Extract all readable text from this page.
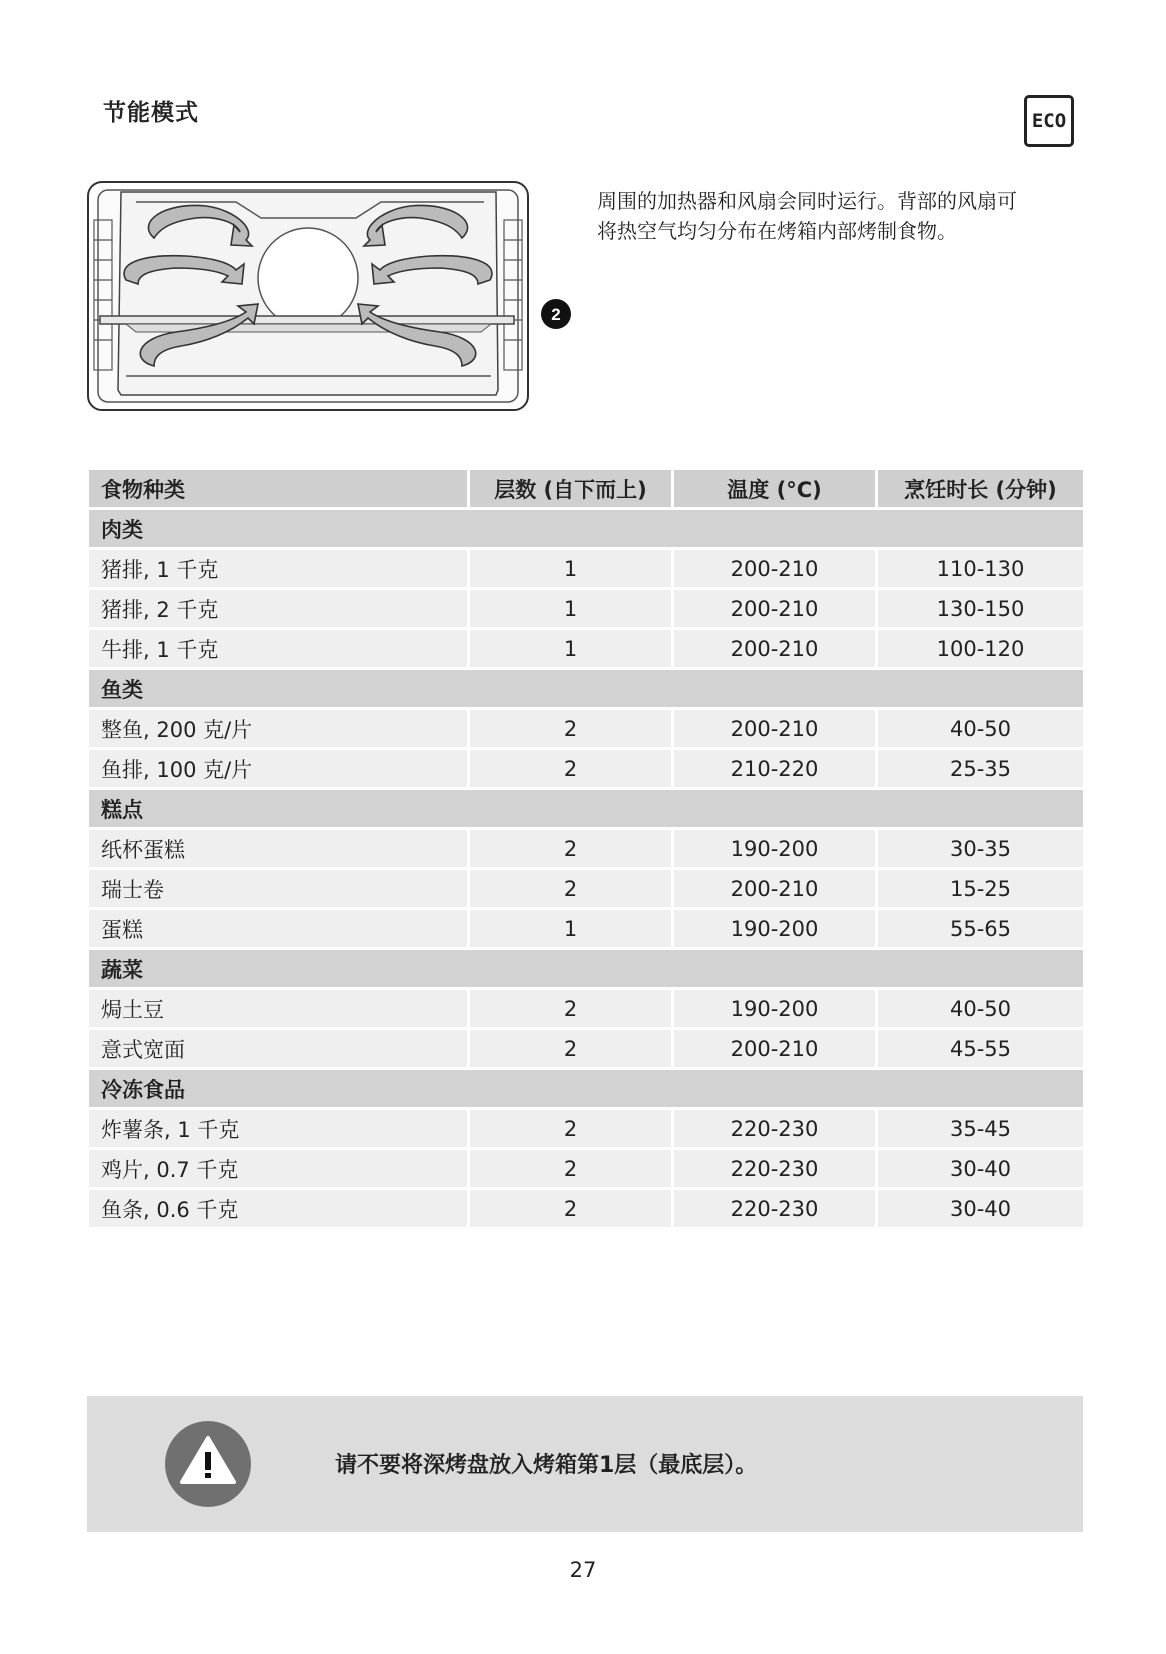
节能模式	ECO
2

周围的加热器和风扇会同时运行。背部的风扇可

将热空气均匀分布在烤箱内部烤制食物。

食物种类	层数 (自下而上)	温度 (°C)	烹饪时长 (分钟)
肉类
猪排, 1 千克	1	200-210	110-130
猪排, 2 千克	1	200-210	130-150
牛排, 1 千克	1	200-210	100-120
鱼类
整鱼, 200 克/片	2	200-210	40-50
鱼排, 100 克/片	2	210-220	25-35
糕点
纸杯蛋糕	2	190-200	30-35
瑞士卷	2	200-210	15-25
蛋糕	1	190-200	55-65
蔬菜
焗土豆	2	190-200	40-50
意式宽面	2	200-210	45-55
冷冻食品
炸薯条, 1 千克	2	220-230	35-45
鸡片, 0.7 千克	2	220-230	30-40
鱼条, 0.6 千克	2	220-230	30-40
请不要将深烤盘放入烤箱第1层（最底层）。
27
